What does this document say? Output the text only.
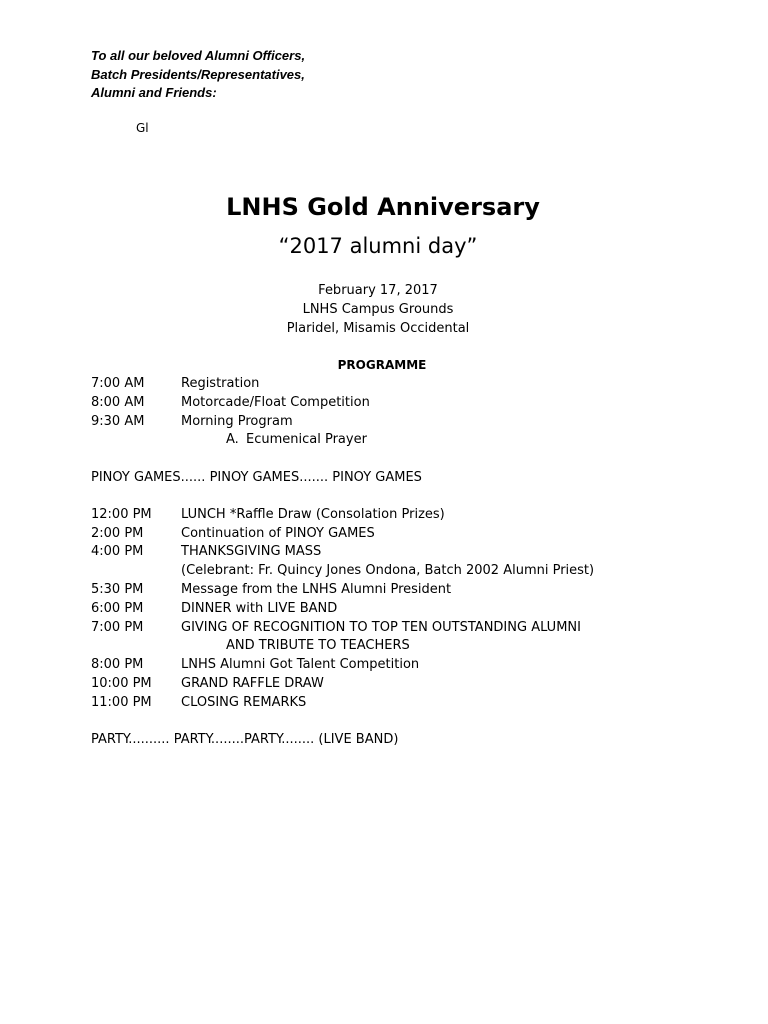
To all our beloved Alumni Officers,
Batch Presidents/Representatives,
Alumni and Friends:
Gl
LNHS Gold Anniversary
“2017 alumni day”
February 17, 2017
LNHS Campus Grounds
Plaridel, Misamis Occidental
PROGRAMME
7:00 AM	Registration
8:00 AM	Motorcade/Float Competition
9:30 AM	Morning Program
A. Ecumenical Prayer
PINOY GAMES...... PINOY GAMES....... PINOY GAMES
12:00 PM LUNCH *Raffle Draw (Consolation Prizes)
2:00 PM	Continuation of PINOY GAMES
4:00 PM	THANKSGIVING MASS
(Celebrant: Fr. Quincy Jones Ondona, Batch 2002 Alumni Priest)
5:30 PM	Message from the LNHS Alumni President
6:00 PM	DINNER with LIVE BAND
7:00 PM	GIVING OF RECOGNITION TO TOP TEN OUTSTANDING ALUMNI
AND TRIBUTE TO TEACHERS
8:00 PM	LNHS Alumni Got Talent Competition
10:00 PM GRAND RAFFLE DRAW
11:00 PM CLOSING REMARKS
PARTY.......... PARTY........PARTY........ (LIVE BAND)
